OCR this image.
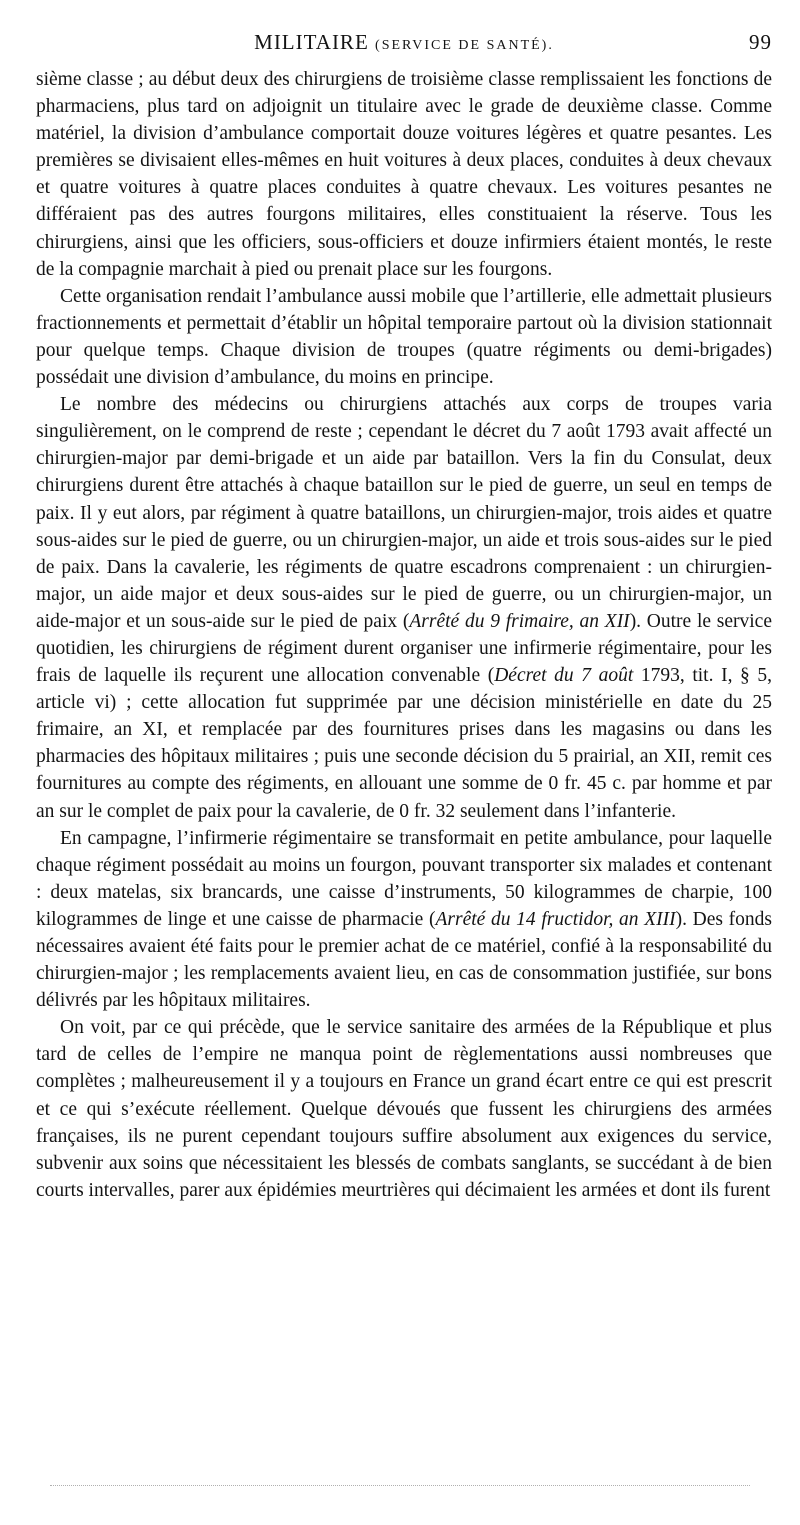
MILITAIRE (SERVICE DE SANTÉ).	99

sième classe ; au début deux des chirurgiens de troisième classe remplissaient les fonctions de pharmaciens, plus tard on adjoignit un titulaire avec le grade de deuxième classe. Comme matériel, la division d’ambulance comportait douze voitures légères et quatre pesantes. Les premières se divisaient elles-mêmes en huit voitures à deux places, conduites à deux chevaux et quatre voitures à quatre places conduites à quatre chevaux. Les voitures pesantes ne différaient pas des autres fourgons militaires, elles constituaient la réserve. Tous les chirurgiens, ainsi que les officiers, sous-officiers et douze infirmiers étaient montés, le reste de la compagnie marchait à pied ou prenait place sur les fourgons.

Cette organisation rendait l’ambulance aussi mobile que l’artillerie, elle admettait plusieurs fractionnements et permettait d’établir un hôpital temporaire partout où la division stationnait pour quelque temps. Chaque division de troupes (quatre régiments ou demi-brigades) possédait une division d’ambulance, du moins en principe.

Le nombre des médecins ou chirurgiens attachés aux corps de troupes varia singulièrement, on le comprend de reste ; cependant le décret du 7 août 1793 avait affecté un chirurgien-major par demi-brigade et un aide par bataillon. Vers la fin du Consulat, deux chirurgiens durent être attachés à chaque bataillon sur le pied de guerre, un seul en temps de paix. Il y eut alors, par régiment à quatre bataillons, un chirurgien-major, trois aides et quatre sous-aides sur le pied de guerre, ou un chirurgien-major, un aide et trois sous-aides sur le pied de paix. Dans la cavalerie, les régiments de quatre escadrons comprenaient : un chirurgien-major, un aide major et deux sous-aides sur le pied de guerre, ou un chirurgien-major, un aide-major et un sous-aide sur le pied de paix (Arrêté du 9 frimaire, an XII). Outre le service quotidien, les chirurgiens de régiment durent organiser une infirmerie régimentaire, pour les frais de laquelle ils reçurent une allocation convenable (Décret du 7 août 1793, tit. I, § 5, article vi) ; cette allocation fut supprimée par une décision ministérielle en date du 25 frimaire, an XI, et remplacée par des fournitures prises dans les magasins ou dans les pharmacies des hôpitaux militaires ; puis une seconde décision du 5 prairial, an XII, remit ces fournitures au compte des régiments, en allouant une somme de 0 fr. 45 c. par homme et par an sur le complet de paix pour la cavalerie, de 0 fr. 32 seulement dans l’infanterie.

En campagne, l’infirmerie régimentaire se transformait en petite ambulance, pour laquelle chaque régiment possédait au moins un fourgon, pouvant transporter six malades et contenant : deux matelas, six brancards, une caisse d’instruments, 50 kilogrammes de charpie, 100 kilogrammes de linge et une caisse de pharmacie (Arrêté du 14 fructidor, an XIII). Des fonds nécessaires avaient été faits pour le premier achat de ce matériel, confié à la responsabilité du chirurgien-major ; les remplacements avaient lieu, en cas de consommation justifiée, sur bons délivrés par les hôpitaux militaires.

On voit, par ce qui précède, que le service sanitaire des armées de la République et plus tard de celles de l’empire ne manqua point de règlementations aussi nombreuses que complètes ; malheureusement il y a toujours en France un grand écart entre ce qui est prescrit et ce qui s’exécute réellement. Quelque dévoués que fussent les chirurgiens des armées françaises, ils ne purent cependant toujours suffire absolument aux exigences du service, subvenir aux soins que nécessitaient les blessés de combats sanglants, se succédant à de bien courts intervalles, parer aux épidémies meurtrières qui décimaient les armées et dont ils furent
